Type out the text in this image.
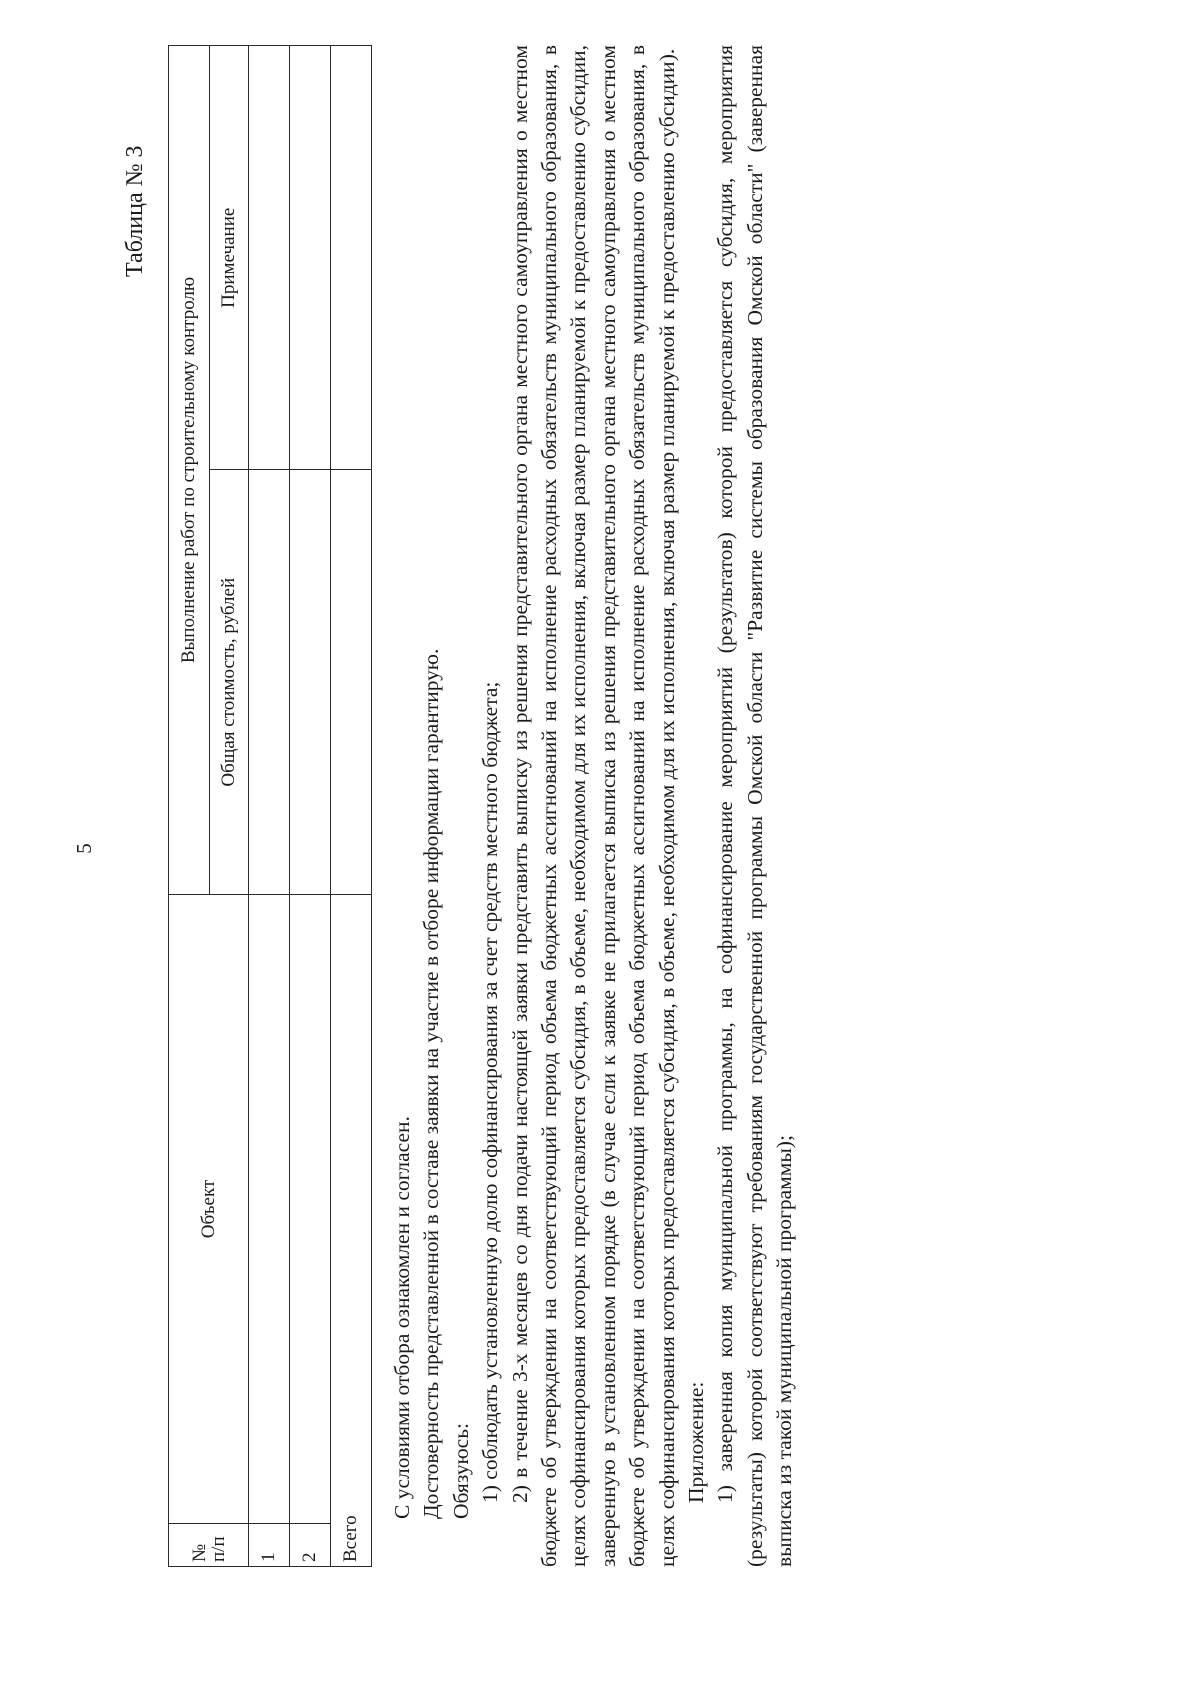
5
Таблица № 3
№ п/п	Объект	Выполнение работ по строительному контролю	
		Общая стоимость, рублей	Примечание
1			
2			
Всего			

С условиями отбора ознакомлен и согласен. Достоверность представленной в составе заявки на участие в отборе информации гарантирую. Обязуюсь: 1) соблюдать установленную долю софинансирования за счет средств местного бюджета; 2) в течение 3-х месяцев со дня подачи настоящей заявки представить выписку из решения представительного органа местного самоуправления о местном бюджете об утверждении на соответствующий период объема бюджетных ассигнований на исполнение расходных обязательств муниципального образования, в целях софинансирования которых предоставляется субсидия, в объеме, необходимом для их исполнения, включая размер планируемой к предоставлению субсидии, заверенную в установленном порядке (в случае если к заявке не прилагается выписка из решения представительного органа местного самоуправления о местном бюджете об утверждении на соответствующий период объема бюджетных ассигнований на исполнение расходных обязательств муниципального образования, в целях софинансирования которых предоставляется субсидия, в объеме, необходимом для их исполнения, включая размер планируемой к предоставлению субсидии). Приложение: 1) заверенная копия муниципальной программы, на софинансирование мероприятий (результатов) которой предоставляется субсидия, мероприятия (результаты) которой соответствуют требованиям государственной программы Омской области "Развитие системы образования Омской области" (заверенная выписка из такой муниципальной программы);
